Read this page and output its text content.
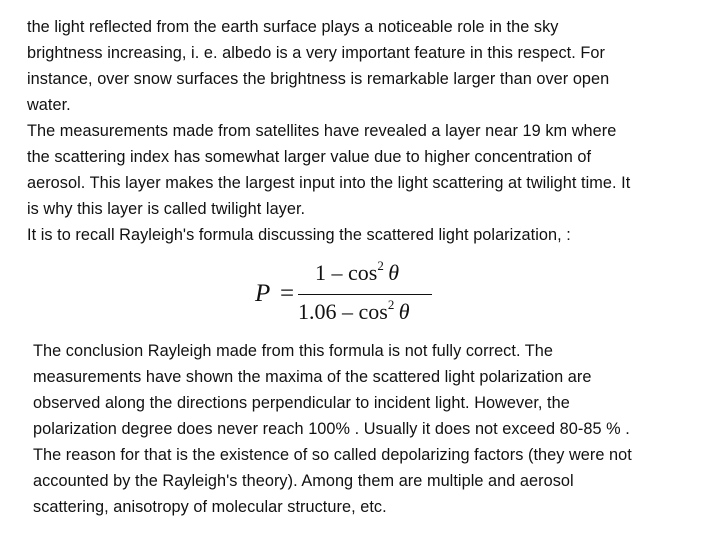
the light reflected from the earth surface plays a noticeable role in the sky
brightness increasing, i. e. albedo is a very important feature in this respect. For
instance, over snow surfaces the brightness is remarkable larger than over open
water.
The measurements made from satellites have revealed a layer near 19 km where
the scattering index has somewhat larger value due to higher concentration of
aerosol. This layer makes the largest input into the light scattering at twilight time. It
is why this layer is called twilight layer.
It is to recall Rayleigh's formula discussing the scattered light polarization, :
P =
$1 - \cos^2 \theta$
$1.06 - \cos^2 \theta$
The conclusion Rayleigh made from this formula is not fully correct. The
measurements have shown the maxima of the scattered light polarization are
observed along the directions perpendicular to incident light. However, the
polarization degree does never reach 100% . Usually it does not exceed 80-85 % .
The reason for that is the existence of so called depolarizing factors (they were not
accounted by the Rayleigh's theory). Among them are multiple and aerosol
scattering, anisotropy of molecular structure, etc.
